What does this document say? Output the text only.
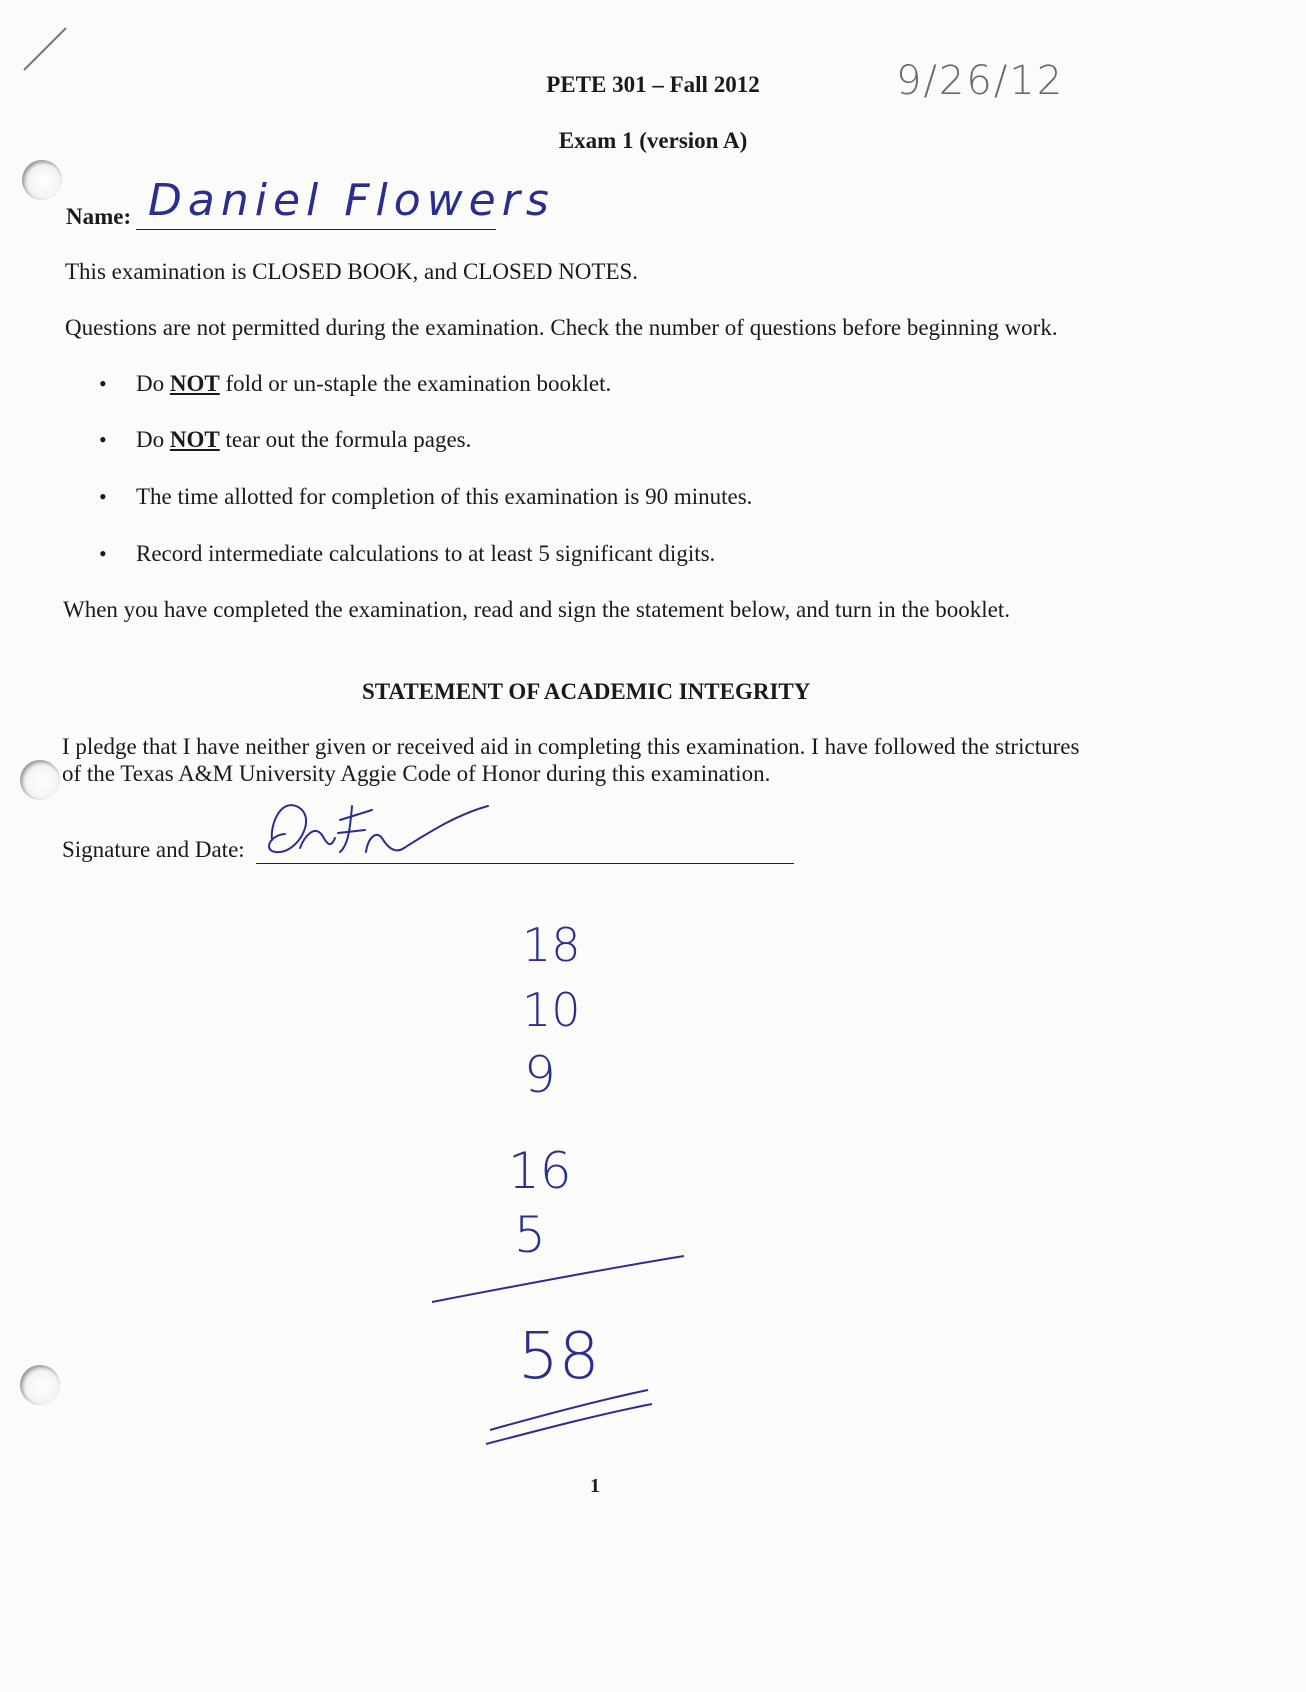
PETE 301 – Fall 2012
Exam 1 (version A)
Name:
This examination is CLOSED BOOK, and CLOSED NOTES.
Questions are not permitted during the examination. Check the number of questions before beginning work.
• Do NOT fold or un-staple the examination booklet.
• Do NOT tear out the formula pages.
• The time allotted for completion of this examination is 90 minutes.
• Record intermediate calculations to at least 5 significant digits.
When you have completed the examination, read and sign the statement below, and turn in the booklet.
STATEMENT OF ACADEMIC INTEGRITY
I pledge that I have neither given or received aid in completing this examination. I have followed the strictures
of the Texas A&M University Aggie Code of Honor during this examination.
Signature and Date:
1
9/26/12
Daniel Flowers
18
10
9
16
5
58
